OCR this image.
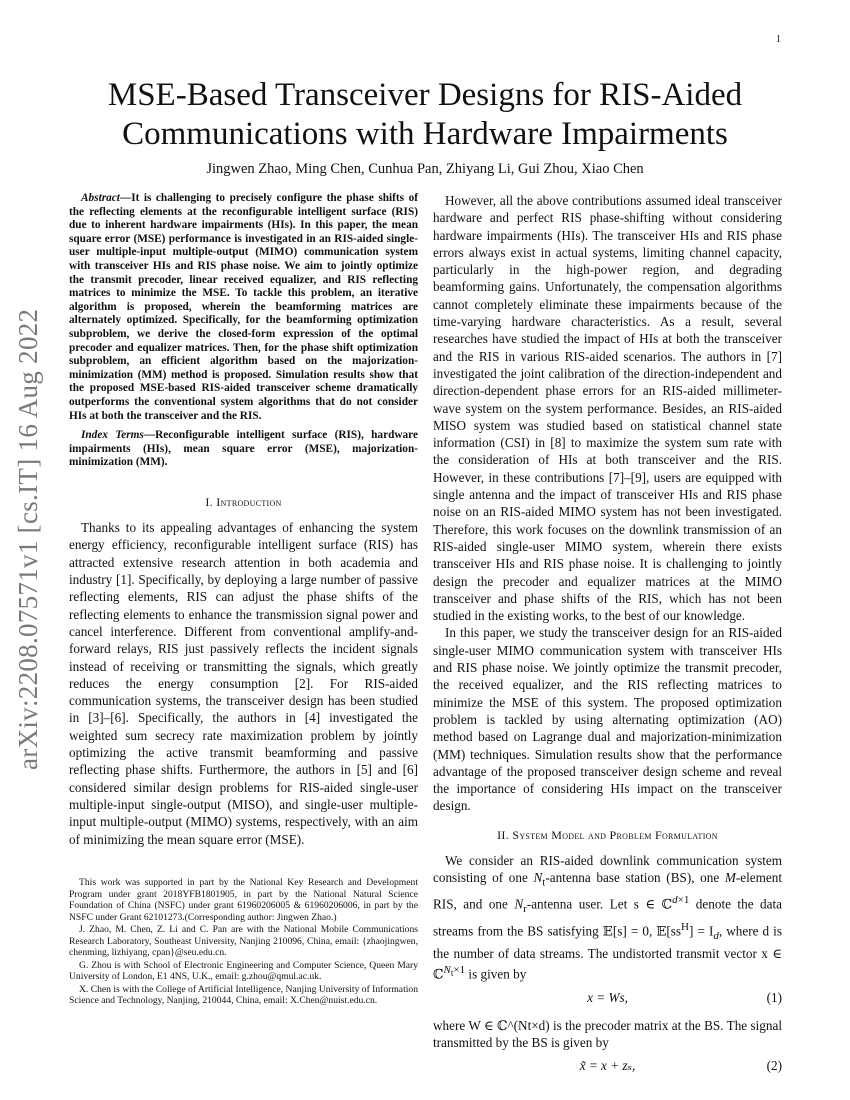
1
arXiv:2208.07571v1 [cs.IT] 16 Aug 2022
MSE-Based Transceiver Designs for RIS-Aided Communications with Hardware Impairments
Jingwen Zhao, Ming Chen, Cunhua Pan, Zhiyang Li, Gui Zhou, Xiao Chen

Abstract—It is challenging to precisely configure the phase shifts of the reflecting elements at the reconfigurable intelligent surface (RIS) due to inherent hardware impairments (HIs). In this paper, the mean square error (MSE) performance is investigated in an RIS-aided single-user multiple-input multiple-output (MIMO) communication system with transceiver HIs and RIS phase noise. We aim to jointly optimize the transmit precoder, linear received equalizer, and RIS reflecting matrices to minimize the MSE. To tackle this problem, an iterative algorithm is proposed, wherein the beamforming matrices are alternately optimized. Specifically, for the beamforming optimization subproblem, we derive the closed-form expression of the optimal precoder and equalizer matrices. Then, for the phase shift optimization subproblem, an efficient algorithm based on the majorization-minimization (MM) method is proposed. Simulation results show that the proposed MSE-based RIS-aided transceiver scheme dramatically outperforms the conventional system algorithms that do not consider HIs at both the transceiver and the RIS.

Index Terms—Reconfigurable intelligent surface (RIS), hardware impairments (HIs), mean square error (MSE), majorization-minimization (MM).

I. Introduction

Thanks to its appealing advantages of enhancing the system energy efficiency, reconfigurable intelligent surface (RIS) has attracted extensive research attention in both academia and industry [1]. Specifically, by deploying a large number of passive reflecting elements, RIS can adjust the phase shifts of the reflecting elements to enhance the transmission signal power and cancel interference. Different from conventional amplify-and-forward relays, RIS just passively reflects the incident signals instead of receiving or transmitting the signals, which greatly reduces the energy consumption [2]. For RIS-aided communication systems, the transceiver design has been studied in [3]–[6]. Specifically, the authors in [4] investigated the weighted sum secrecy rate maximization problem by jointly optimizing the active transmit beamforming and passive reflecting phase shifts. Furthermore, the authors in [5] and [6] considered similar design problems for RIS-aided single-user multiple-input single-output (MISO), and single-user multiple-input multiple-output (MIMO) systems, respectively, with an aim of minimizing the mean square error (MSE).

This work was supported in part by the National Key Research and Development Program under grant 2018YFB1801905, in part by the National Natural Science Foundation of China (NSFC) under grant 61960206005 & 61960206006, in part by the NSFC under Grant 62101273.(Corresponding author: Jingwen Zhao.)

J. Zhao, M. Chen, Z. Li and C. Pan are with the National Mobile Communications Research Laboratory, Southeast University, Nanjing 210096, China, email: {zhaojingwen, chenming, lizhiyang, cpan}@seu.edu.cn.

G. Zhou is with School of Electronic Engineering and Computer Science, Queen Mary University of London, E1 4NS, U.K., email: g.zhou@qmul.ac.uk.

X. Chen is with the College of Artificial Intelligence, Nanjing University of Information Science and Technology, Nanjing, 210044, China, email: X.Chen@nuist.edu.cn.

However, all the above contributions assumed ideal transceiver hardware and perfect RIS phase-shifting without considering hardware impairments (HIs). The transceiver HIs and RIS phase errors always exist in actual systems, limiting channel capacity, particularly in the high-power region, and degrading beamforming gains. Unfortunately, the compensation algorithms cannot completely eliminate these impairments because of the time-varying hardware characteristics. As a result, several researches have studied the impact of HIs at both the transceiver and the RIS in various RIS-aided scenarios. The authors in [7] investigated the joint calibration of the direction-independent and direction-dependent phase errors for an RIS-aided millimeter-wave system on the system performance. Besides, an RIS-aided MISO system was studied based on statistical channel state information (CSI) in [8] to maximize the system sum rate with the consideration of HIs at both transceiver and the RIS. However, in these contributions [7]–[9], users are equipped with single antenna and the impact of transceiver HIs and RIS phase noise on an RIS-aided MIMO system has not been investigated. Therefore, this work focuses on the downlink transmission of an RIS-aided single-user MIMO system, wherein there exists transceiver HIs and RIS phase noise. It is challenging to jointly design the precoder and equalizer matrices at the MIMO transceiver and phase shifts of the RIS, which has not been studied in the existing works, to the best of our knowledge.

In this paper, we study the transceiver design for an RIS-aided single-user MIMO communication system with transceiver HIs and RIS phase noise. We jointly optimize the transmit precoder, the received equalizer, and the RIS reflecting matrices to minimize the MSE of this system. The proposed optimization problem is tackled by using alternating optimization (AO) method based on Lagrange dual and majorization-minimization (MM) techniques. Simulation results show that the performance advantage of the proposed transceiver design scheme and reveal the importance of considering HIs impact on the transceiver design.

II. System Model and Problem Formulation

We consider an RIS-aided downlink communication system consisting of one $N_t$-antenna base station (BS), one M-element RIS, and one $N_r$-antenna user. Let s ∈ ℂ$^{d\times 1}$ denote the data streams from the BS satisfying 𝔼[s] = 0, $𝔼[ss^H] = I_d$, where d is the number of data streams. The undistorted transmit vector x ∈ ℂ$^{N_t\times 1}$ is given by

x = Ws,	(1)

where W ∈ ℂ^(Nt×d) is the precoder matrix at the BS. The signal transmitted by the BS is given by

x̃ = x + zₛ,	(2)
